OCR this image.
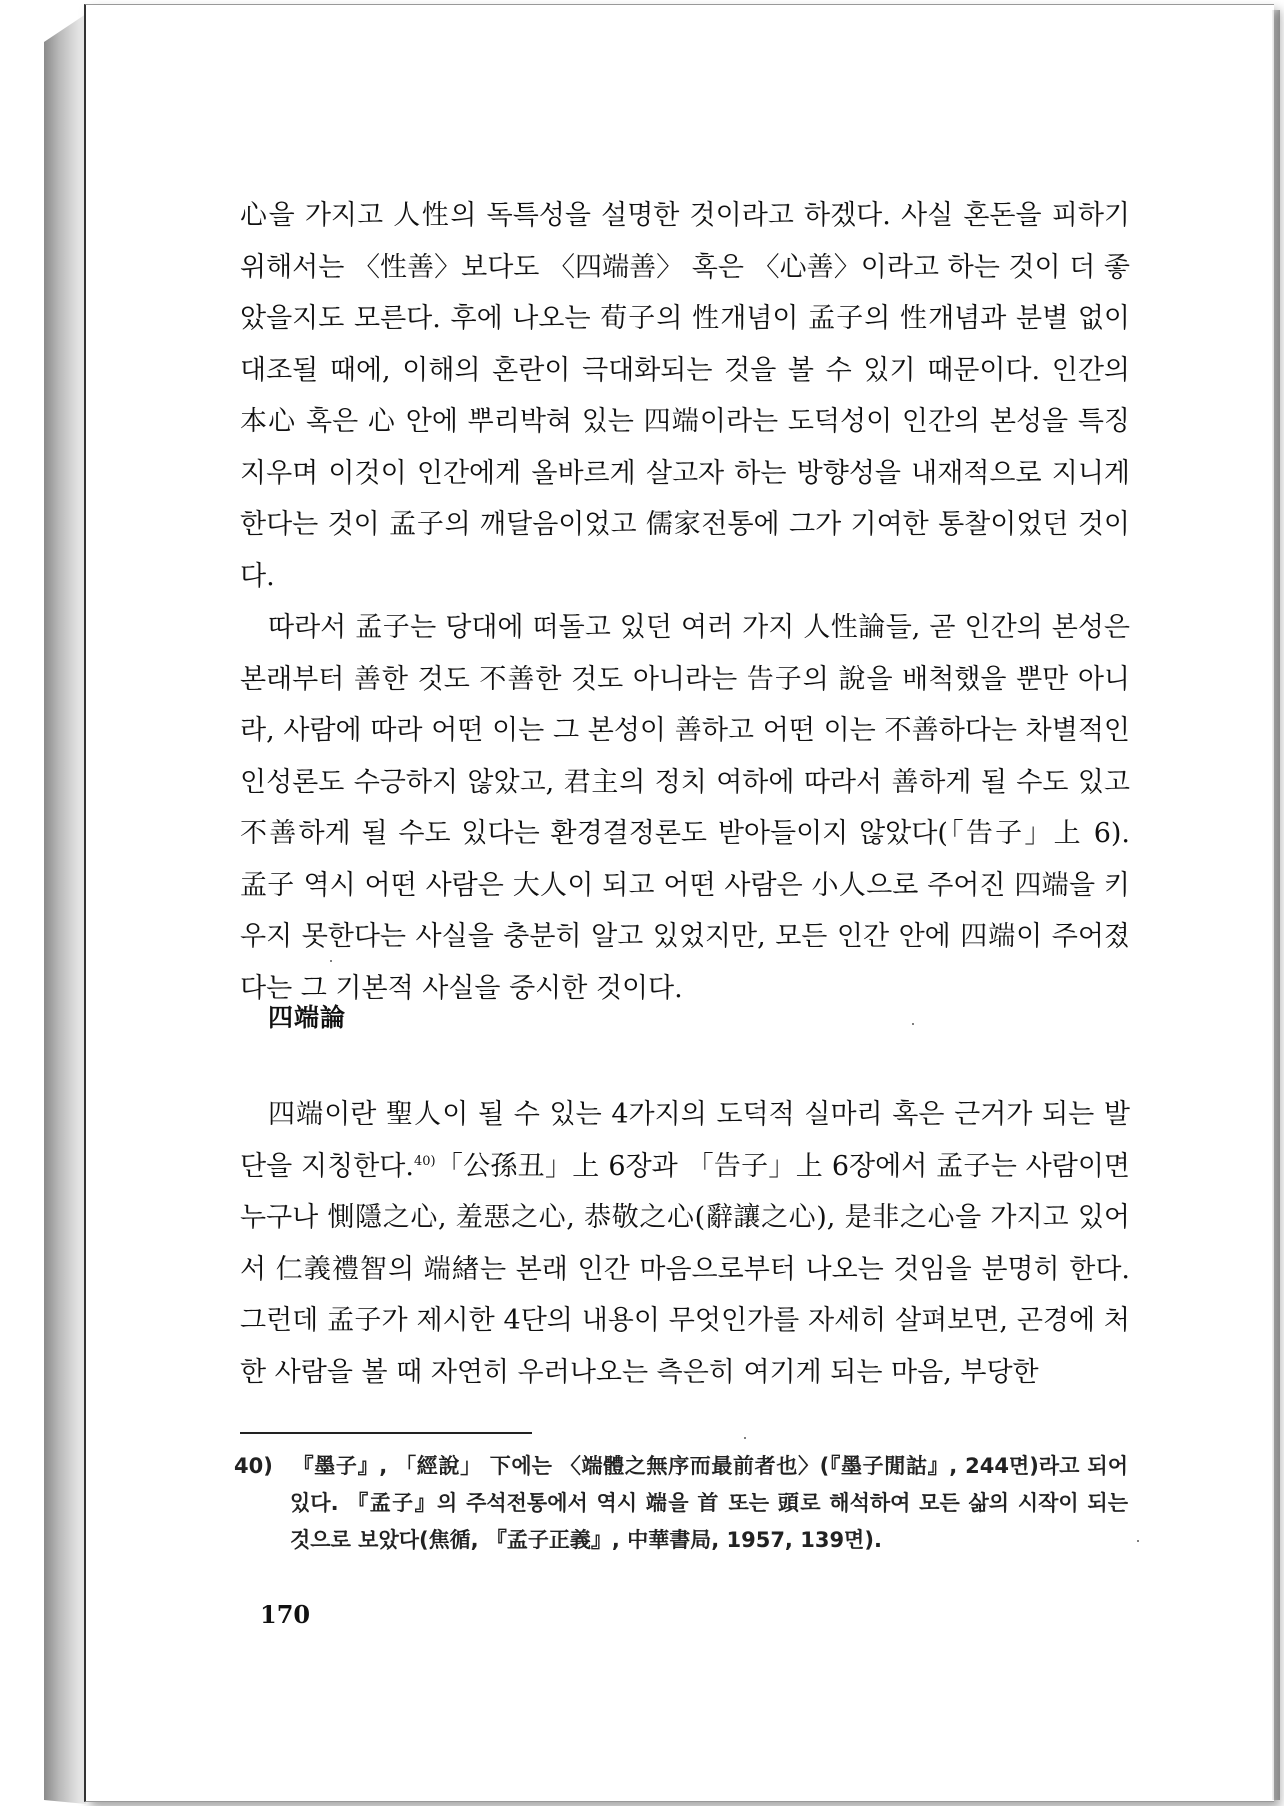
心을 가지고 人性의 독특성을 설명한 것이라고 하겠다. 사실 혼돈을 피하기 위해서는 〈性善〉보다도 〈四端善〉 혹은 〈心善〉이라고 하는 것이 더 좋았을지도 모른다. 후에 나오는 荀子의 性개념이 孟子의 性개념과 분별 없이 대조될 때에, 이해의 혼란이 극대화되는 것을 볼 수 있기 때문이다. 인간의 本心 혹은 心 안에 뿌리박혀 있는 四端이라는 도덕성이 인간의 본성을 특징지우며 이것이 인간에게 올바르게 살고자 하는 방향성을 내재적으로 지니게 한다는 것이 孟子의 깨달음이었고 儒家전통에 그가 기여한 통찰이었던 것이다.

따라서 孟子는 당대에 떠돌고 있던 여러 가지 人性論들, 곧 인간의 본성은 본래부터 善한 것도 不善한 것도 아니라는 告子의 說을 배척했을 뿐만 아니라, 사람에 따라 어떤 이는 그 본성이 善하고 어떤 이는 不善하다는 차별적인 인성론도 수긍하지 않았고, 君主의 정치 여하에 따라서 善하게 될 수도 있고 不善하게 될 수도 있다는 환경결정론도 받아들이지 않았다(「告子」上 6). 孟子 역시 어떤 사람은 大人이 되고 어떤 사람은 小人으로 주어진 四端을 키우지 못한다는 사실을 충분히 알고 있었지만, 모든 인간 안에 四端이 주어졌다는 그 기본적 사실을 중시한 것이다.

四端論

四端이란 聖人이 될 수 있는 4가지의 도덕적 실마리 혹은 근거가 되는 발단을 지칭한다.$^{40)}$「公孫丑」上 6장과 「告子」上 6장에서 孟子는 사람이면 누구나 惻隱之心, 羞惡之心, 恭敬之心(辭讓之心), 是非之心을 가지고 있어서 仁義禮智의 端緖는 본래 인간 마음으로부터 나오는 것임을 분명히 한다. 그런데 孟子가 제시한 4단의 내용이 무엇인가를 자세히 살펴보면, 곤경에 처한 사람을 볼 때 자연히 우러나오는 측은히 여기게 되는 마음, 부당한

40) 『墨子』, 「經說」 下에는 〈端體之無序而最前者也〉(『墨子閒詁』, 244면)라고 되어 있다. 『孟子』의 주석전통에서 역시 端을 首 또는 頭로 해석하여 모든 삶의 시작이 되는 것으로 보았다(焦循, 『孟子正義』, 中華書局, 1957, 139면).
170
